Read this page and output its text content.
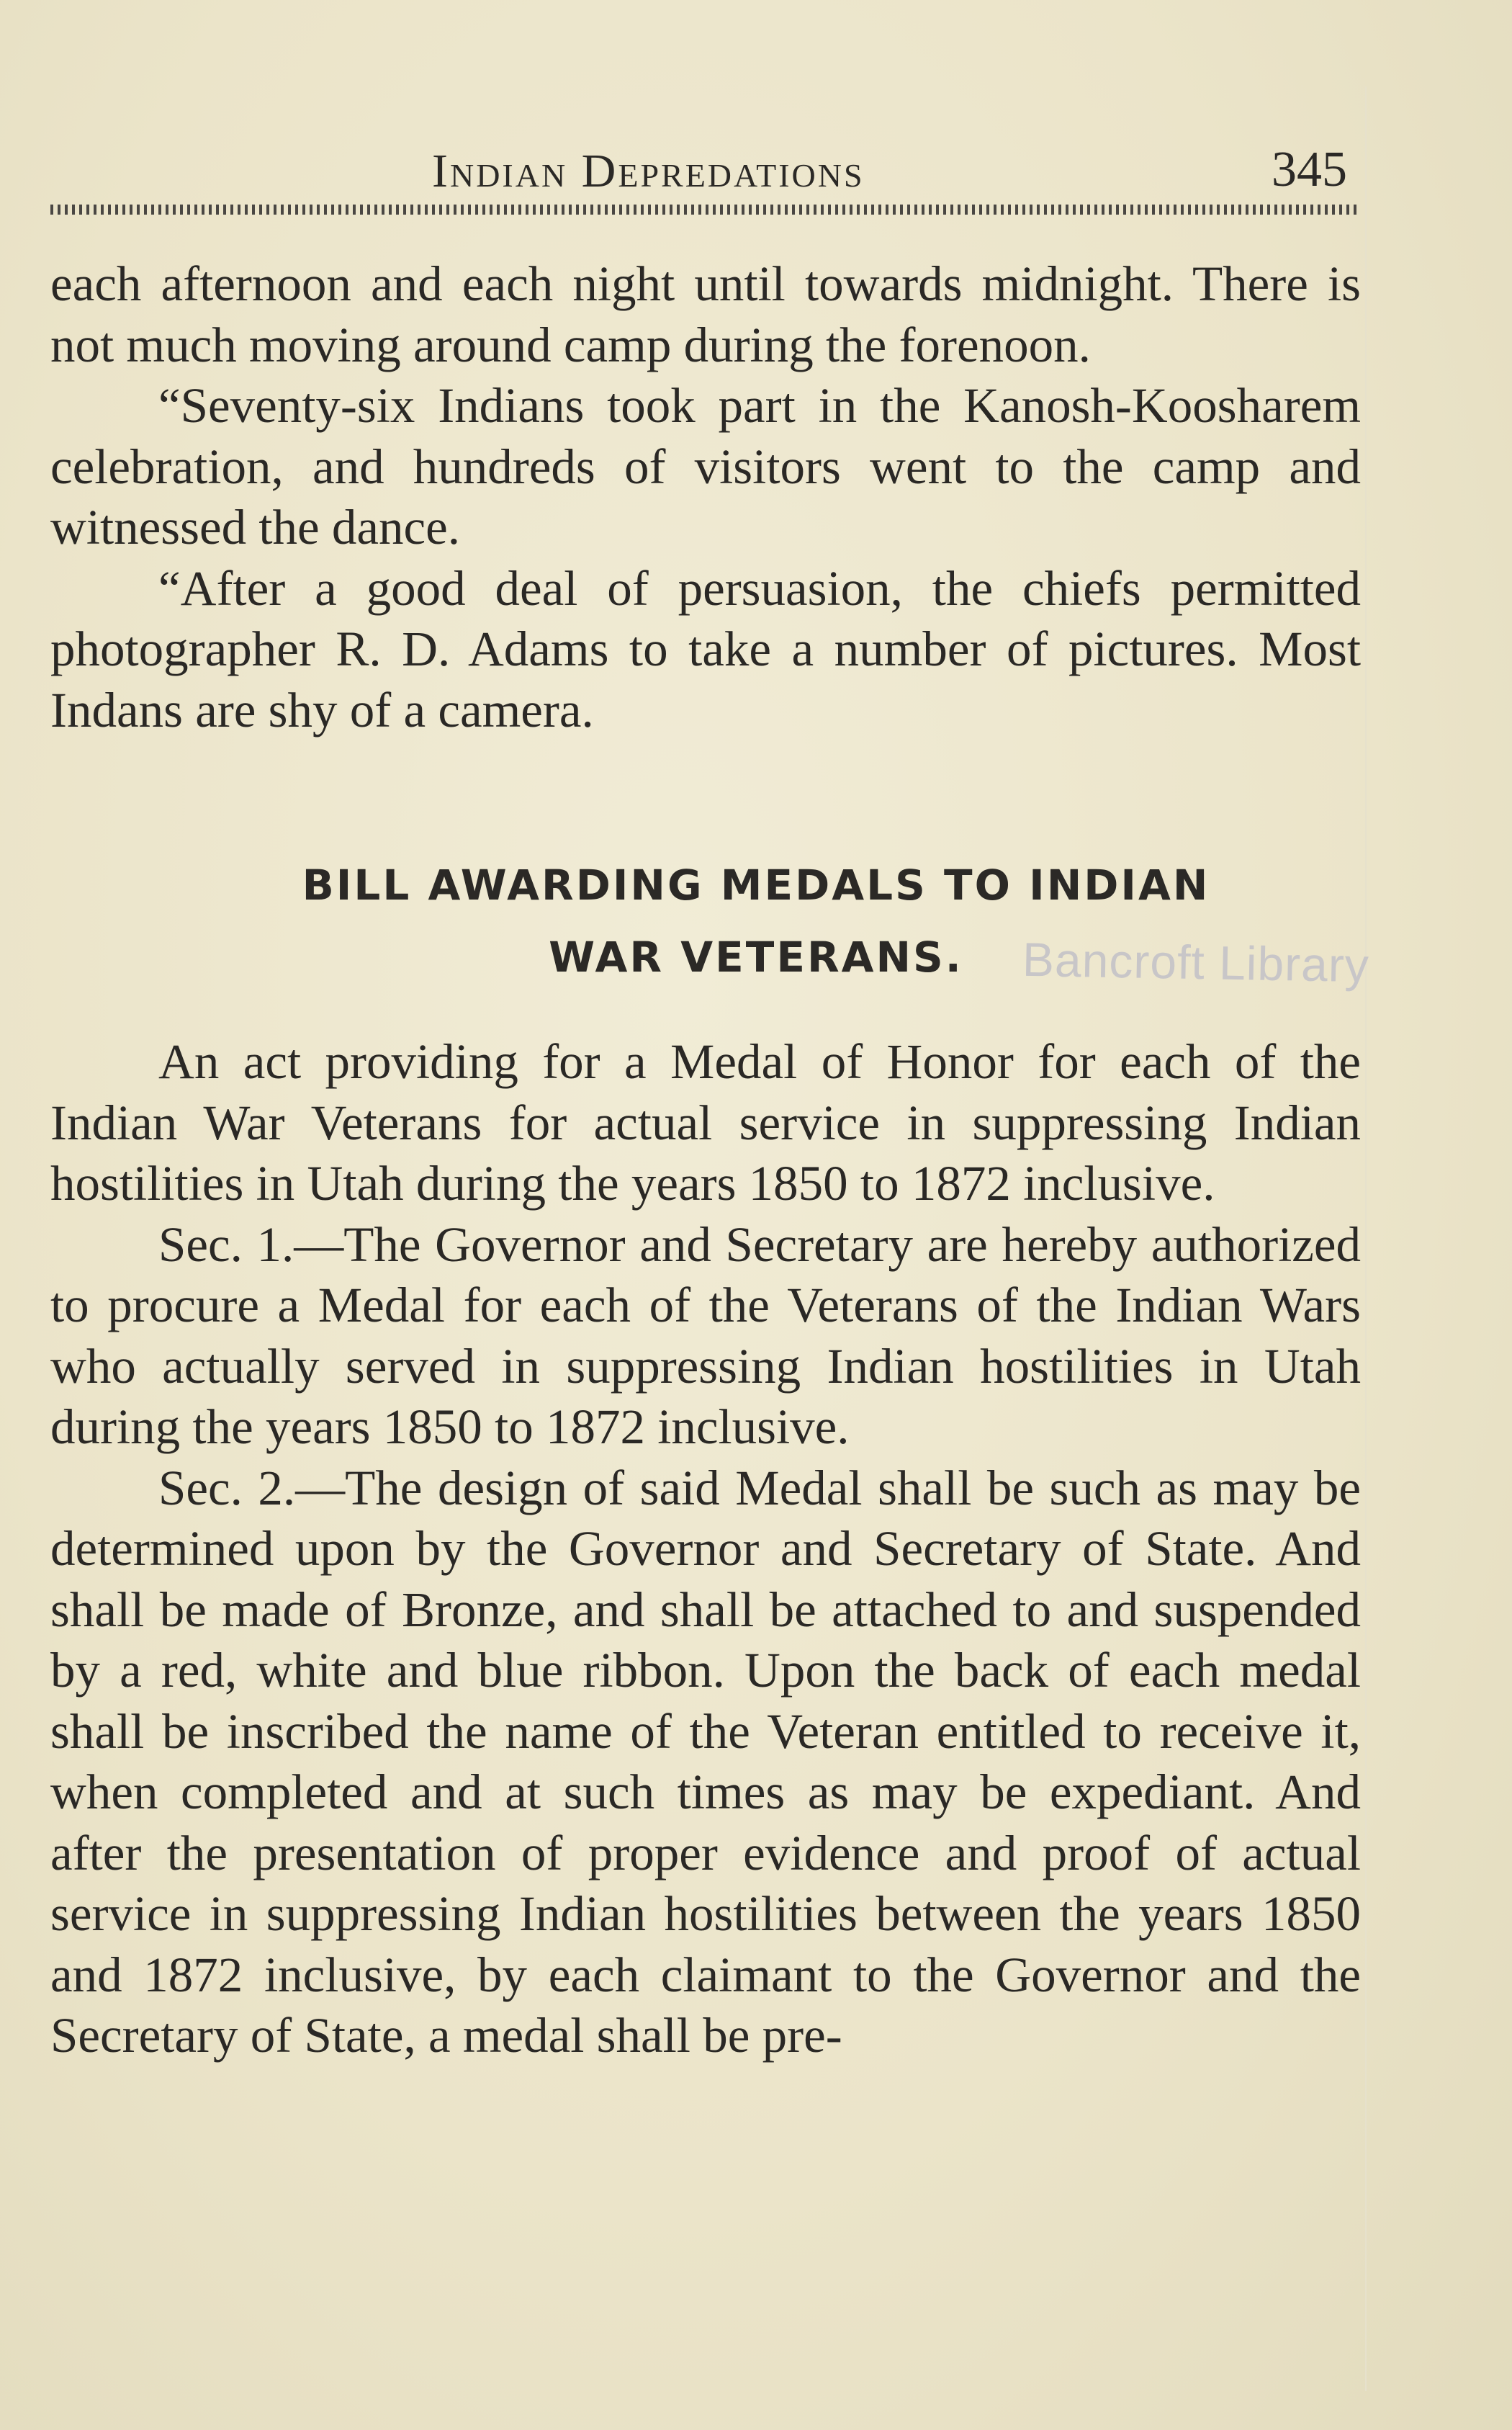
Indian Depredations	345

each afternoon and each night until towards midnight. There is not much moving around camp during the forenoon.

“Seventy-six Indians took part in the Kanosh-Koosharem celebration, and hundreds of visitors went to the camp and witnessed the dance.

“After a good deal of persuasion, the chiefs permitted photographer R. D. Adams to take a number of pictures. Most Indans are shy of a camera.

BILL AWARDING MEDALS TO INDIAN
WAR VETERANS.	Bancroft Library

An act providing for a Medal of Honor for each of the Indian War Veterans for actual service in suppressing Indian hostilities in Utah during the years 1850 to 1872 inclusive.

Sec. 1.—The Governor and Secretary are hereby authorized to procure a Medal for each of the Veterans of the Indian Wars who actually served in suppressing Indian hostilities in Utah during the years 1850 to 1872 inclusive.

Sec. 2.—The design of said Medal shall be such as may be determined upon by the Governor and Secretary of State. And shall be made of Bronze, and shall be attached to and suspended by a red, white and blue ribbon. Upon the back of each medal shall be inscribed the name of the Veteran entitled to receive it, when completed and at such times as may be expediant. And after the presentation of proper evidence and proof of actual service in suppressing Indian hostilities between the years 1850 and 1872 inclusive, by each claimant to the Governor and the Secretary of State, a medal shall be pre-
